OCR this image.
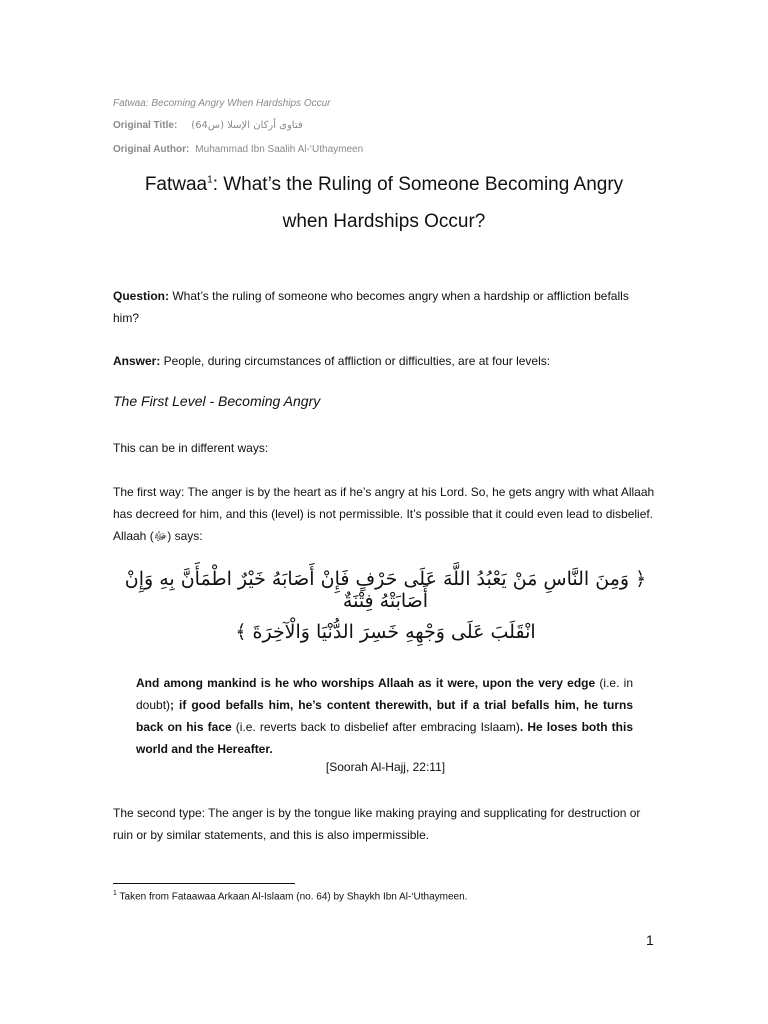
Fatwaa: Becoming Angry When Hardships Occur
Original Title: فتاوى أركان الإسلا (س64)
Original Author: Muhammad Ibn Saalih Al-‘Uthaymeen
Fatwaa$^1$: What’s the Ruling of Someone Becoming Angry
when Hardships Occur?
Question: What’s the ruling of someone who becomes angry when a hardship or affliction befalls him?
Answer: People, during circumstances of affliction or difficulties, are at four levels:
The First Level - Becoming Angry
This can be in different ways:
The first way: The anger is by the heart as if he’s angry at his Lord. So, he gets angry with what Allaah has decreed for him, and this (level) is not permissible. It’s possible that it could even lead to disbelief. Allaah (ﷻ) says:
﴿ وَمِنَ النَّاسِ مَنْ يَعْبُدُ اللَّهَ عَلَى حَرْفٍ فَإِنْ أَصَابَهُ خَيْرٌ اطْمَأَنَّ بِهِ وَإِنْ أَصَابَتْهُ فِتْنَةٌ
انْقَلَبَ عَلَى وَجْهِهِ خَسِرَ الدُّنْيَا وَالْآخِرَةَ ﴾
And among mankind is he who worships Allaah as it were, upon the very edge (i.e. in doubt); if good befalls him, he’s content therewith, but if a trial befalls him, he turns back on his face (i.e. reverts back to disbelief after embracing Islaam). He loses both this world and the Hereafter.
[Soorah Al-Hajj, 22:11]
The second type: The anger is by the tongue like making praying and supplicating for destruction or ruin or by similar statements, and this is also impermissible.
$^1$ Taken from Fataawaa Arkaan Al-Islaam (no. 64) by Shaykh Ibn Al-‘Uthaymeen.
1
